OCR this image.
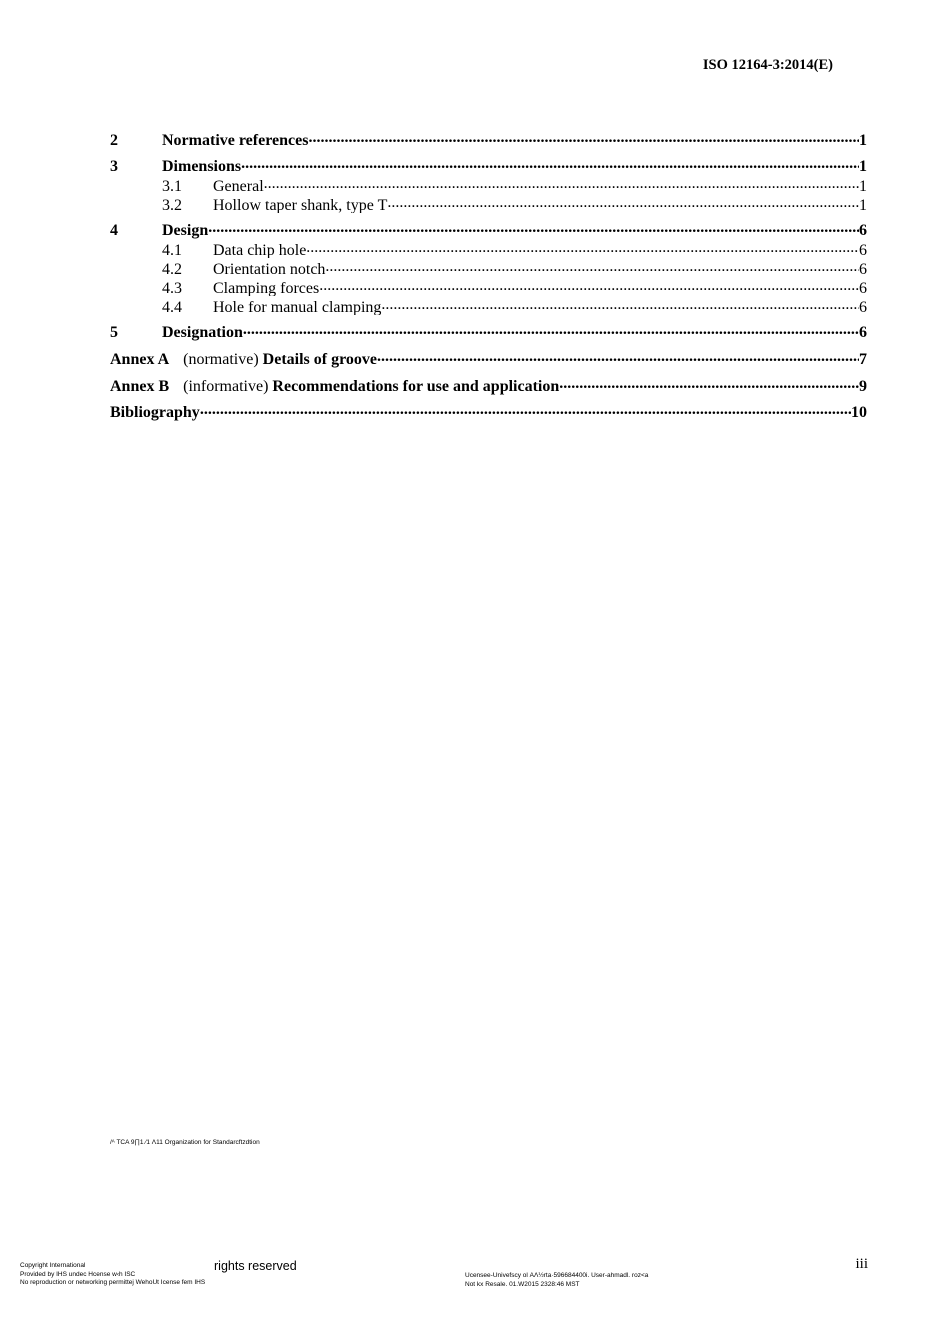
ISO 12164-3:2014(E)
2	Normative references .....	1
3	Dimensions .....	1
3.1	General .....	1
3.2	Hollow taper shank, type T .....	1
4	Design .....	6
4.1	Data chip hole .....	6
4.2	Orientation notch .....	6
4.3	Clamping forces .....	6
4.4	Hole for manual clamping .....	6
5	Designation .....	6
Annex A (normative) Details of groove .....	7
Annex B (informative) Recommendations for use and application .....	9
Bibliography .....	10
/ᴬ TCA 9∏1 ⁄1 Λ11 Organization for Standarcftzdtion
Copyright International
Provided by IHS undec Hcense w‹h ISC
No reproduction or networking permittej WehoUt Icense fem IHS
rights reserved
Ucensee-Univefscy ol ΑΛ½rta·596684400i. User-ahmadl. roz<a
Not kx Resale. 01.W2015 2328:46 MST
iii
